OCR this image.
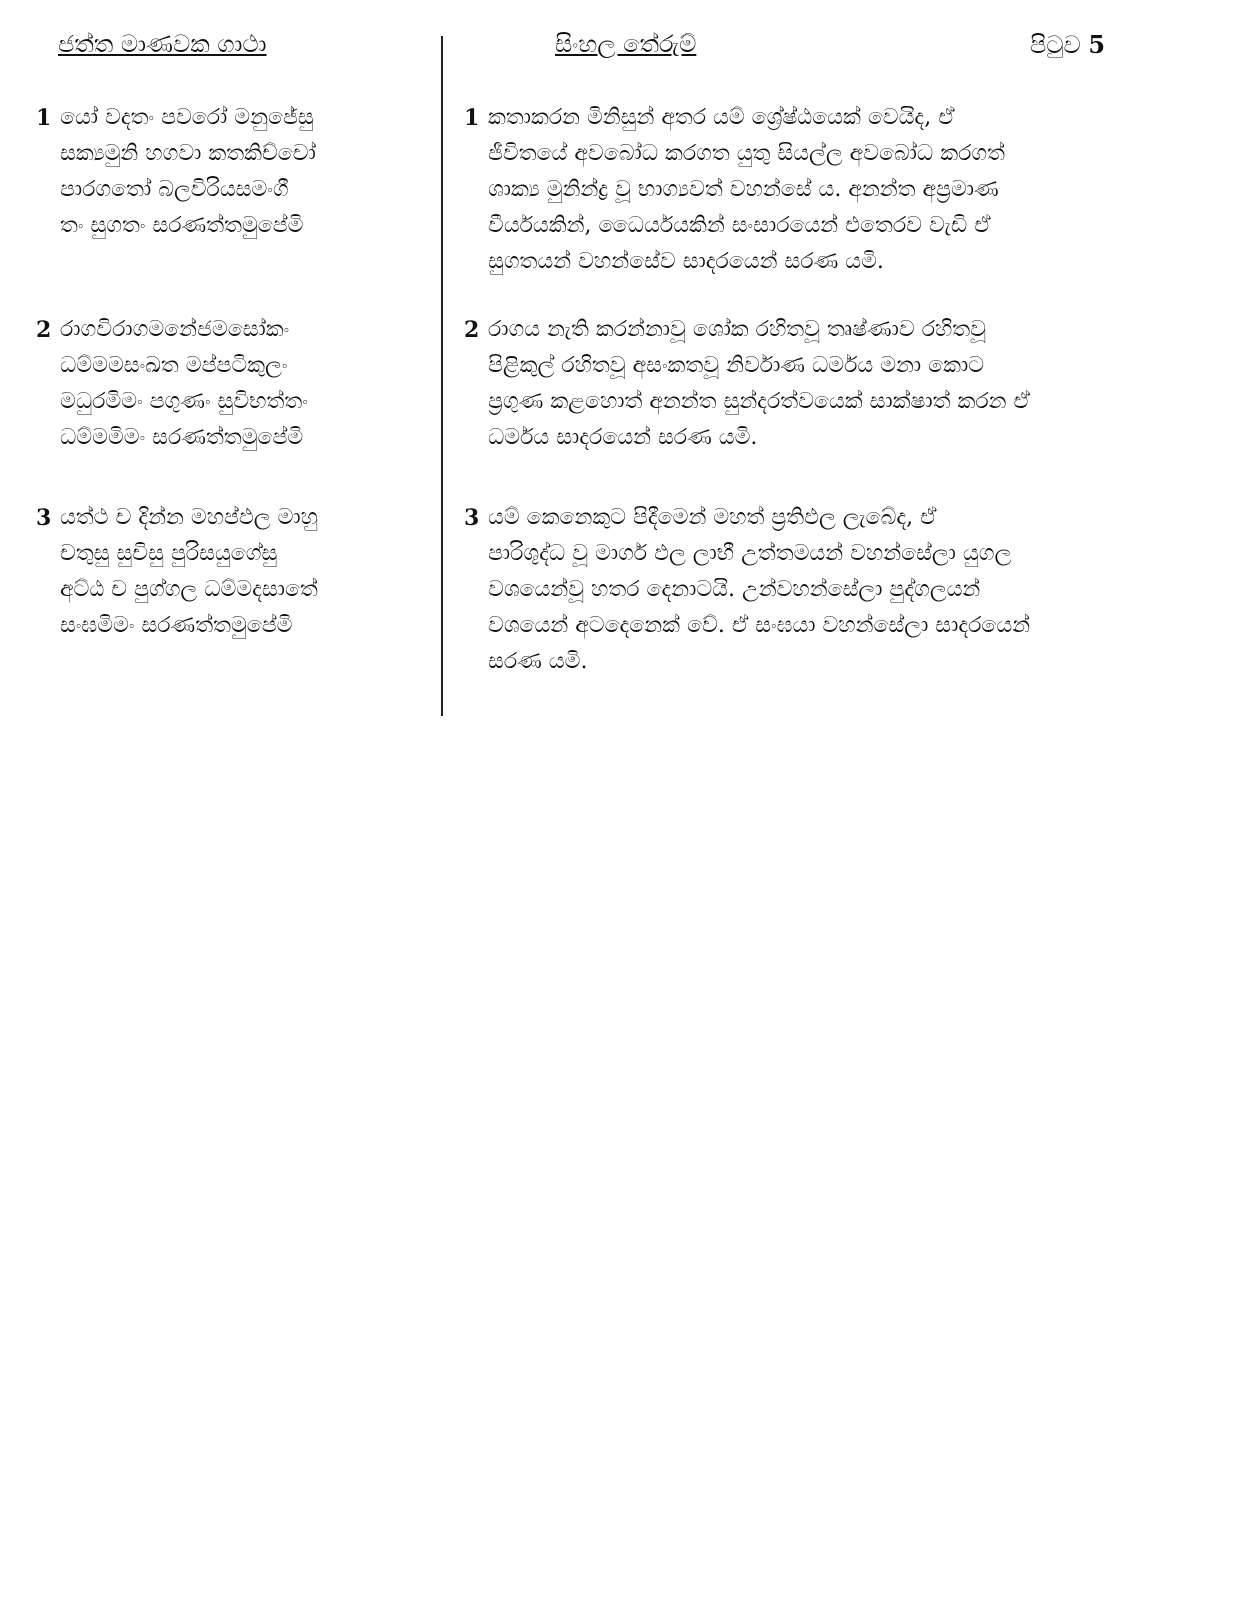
ජත්ත මාණවක ගාථා	සිංහල තේරුම්	පිටුව 5
1 යෝ වදතං පවරෝ මනුජේසු
සක්‍යමුනි හගවා කතකිච්චෝ
පාරගතෝ බලවිරියසමංගී
තං සුගතං සරණත්තමුපේමි
1 කතාකරන මිනිසුන් අතර යම් ශ්‍රේෂ්ඨයෙක් වෙයිද, ඒ
ජීවිතයේ අවබෝධ කරගත යුතු සියල්ල අවබෝධ කරගත්
ශාක්‍ය මුනින්ද්‍ර වූ භාග්‍යවත් වහන්සේ ය. අනන්ත අප්‍රමාණ
වීර්යයකින්, ධෛර්යයකින් සංසාරයෙන් එතෙරව වැඩි ඒ
සුගතයන් වහන්සේව සාදරයෙන් සරණ යමි.
2 රාගවිරාගමනේජමසෝකං
ධම්මමසංඛත මප්පටිකුලං
මධුරමිමං පගුණං සුවිභත්තං
ධම්මමිමං සරණත්තමුපේමි
2 රාගය නැති කරන්නාවූ ශෝක රහිතවූ තෘෂ්ණාව රහිතවූ
පිළිකුල් රහිතවූ අසංකතවූ නිර්වාණ ධර්මය මනා කොට
ප්‍රගුණ කළහොත් අනන්ත සුන්දරත්වයෙක් සාක්ෂාත් කරන ඒ
ධර්මය සාදරයෙන් සරණ යමි.
3 යත්ථ ච දින්න මහප්ඵල මාහු
චතුසු සුචිසු පුරිසයුගේසු
අට්ඨ ච පුග්ගල ධම්මදසාතේ
සංඝමිමං සරණත්තමුපේමි
3 යම් කෙනෙකුට පිදීමෙන් මහත් ප්‍රතිඵල ලැබේද, ඒ
පාරිශුද්ධ වූ මාර්ග ඵල ලාභී උත්තමයන් වහන්සේලා යුගල
වශයෙන්වූ හතර දෙනාටයි. උන්වහන්සේලා පුද්ගලයන්
වශයෙන් අටදෙනෙක් වේ. ඒ සංඝයා වහන්සේලා සාදරයෙන්
සරණ යමි.
